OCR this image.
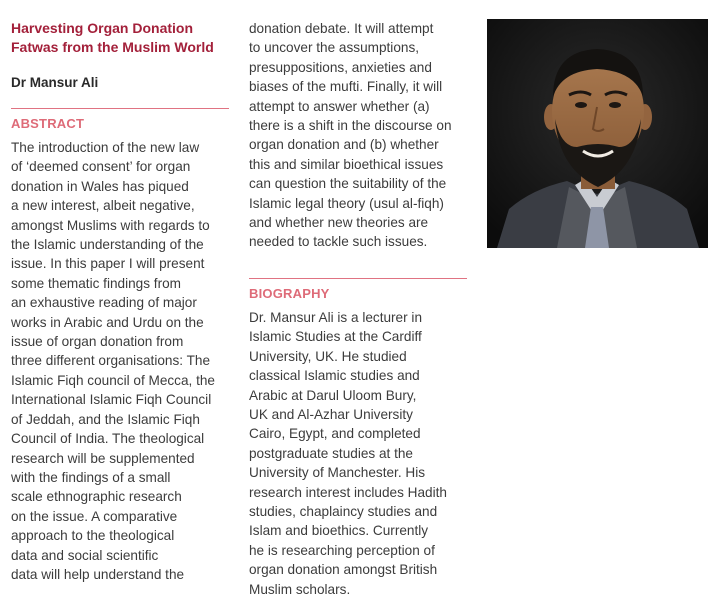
Harvesting Organ Donation
Fatwas from the Muslim World
Dr Mansur Ali
ABSTRACT
The introduction of the new law
of ‘deemed consent’ for organ
donation in Wales has piqued
a new interest, albeit negative,
amongst Muslims with regards to
the Islamic understanding of the
issue. In this paper I will present
some thematic findings from
an exhaustive reading of major
works in Arabic and Urdu on the
issue of organ donation from
three different organisations: The
Islamic Fiqh council of Mecca, the
International Islamic Fiqh Council
of Jeddah, and the Islamic Fiqh
Council of India. The theological
research will be supplemented
with the findings of a small
scale ethnographic research
on the issue. A comparative
approach to the theological
data and social scientific
data will help understand the
donation debate. It will attempt
to uncover the assumptions,
presuppositions, anxieties and
biases of the mufti. Finally, it will
attempt to answer whether (a)
there is a shift in the discourse on
organ donation and (b) whether
this and similar bioethical issues
can question the suitability of the
Islamic legal theory (usul al-fiqh)
and whether new theories are
needed to tackle such issues.
BIOGRAPHY
Dr. Mansur Ali is a lecturer in
Islamic Studies at the Cardiff
University, UK. He studied
classical Islamic studies and
Arabic at Darul Uloom Bury,
UK and Al-Azhar University
Cairo, Egypt, and completed
postgraduate studies at the
University of Manchester. His
research interest includes Hadith
studies, chaplaincy studies and
Islam and bioethics. Currently
he is researching perception of
organ donation amongst British
Muslim scholars.
